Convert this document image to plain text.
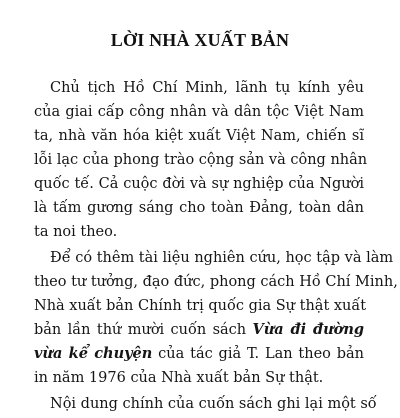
LỜI NHÀ XUẤT BẢN

Chủ tịch Hồ Chí Minh, lãnh tụ kính yêu
của giai cấp công nhân và dân tộc Việt Nam
ta, nhà văn hóa kiệt xuất Việt Nam, chiến sĩ
lỗi lạc của phong trào cộng sản và công nhân
quốc tế. Cả cuộc đời và sự nghiệp của Người
là tấm gương sáng cho toàn Đảng, toàn dân
ta noi theo.

Để có thêm tài liệu nghiên cứu, học tập và làm
theo tư tưởng, đạo đức, phong cách Hồ Chí Minh,
Nhà xuất bản Chính trị quốc gia Sự thật xuất
bản lần thứ mười cuốn sách Vừa đi đường
vừa kể chuyện của tác giả T. Lan theo bản
in năm 1976 của Nhà xuất bản Sự thật.

Nội dung chính của cuốn sách ghi lại một số
